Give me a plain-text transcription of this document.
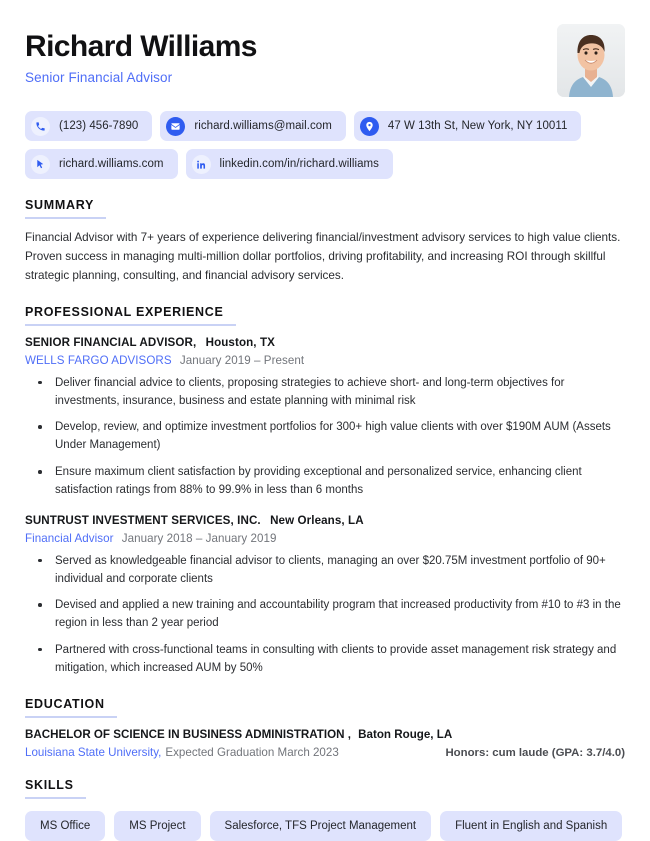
Richard Williams
Senior Financial Advisor
(123) 456-7890	richard.williams@mail.com	47 W 13th St, New York, NY 10011
richard.williams.com	linkedin.com/in/richard.williams
SUMMARY
Financial Advisor with 7+ years of experience delivering financial/investment advisory services to high value clients. Proven success in managing multi-million dollar portfolios, driving profitability, and increasing ROI through skillful strategic planning, consulting, and financial advisory services.
PROFESSIONAL EXPERIENCE
SENIOR FINANCIAL ADVISOR, Houston, TX
WELLS FARGO ADVISORS January 2019 – Present
Deliver financial advice to clients, proposing strategies to achieve short- and long-term objectives for investments, insurance, business and estate planning with minimal risk
Develop, review, and optimize investment portfolios for 300+ high value clients with over $190M AUM (Assets Under Management)
Ensure maximum client satisfaction by providing exceptional and personalized service, enhancing client satisfaction ratings from 88% to 99.9% in less than 6 months
SUNTRUST INVESTMENT SERVICES, INC. New Orleans, LA
Financial Advisor January 2018 – January 2019
Served as knowledgeable financial advisor to clients, managing an over $20.75M investment portfolio of 90+ individual and corporate clients
Devised and applied a new training and accountability program that increased productivity from #10 to #3 in the region in less than 2 year period
Partnered with cross-functional teams in consulting with clients to provide asset management risk strategy and mitigation, which increased AUM by 50%
EDUCATION
BACHELOR OF SCIENCE IN BUSINESS ADMINISTRATION , Baton Rouge, LA
Louisiana State University, Expected Graduation March 2023	Honors: cum laude (GPA: 3.7/4.0)
SKILLS
MS Office	MS Project	Salesforce, TFS Project Management	Fluent in English and Spanish
